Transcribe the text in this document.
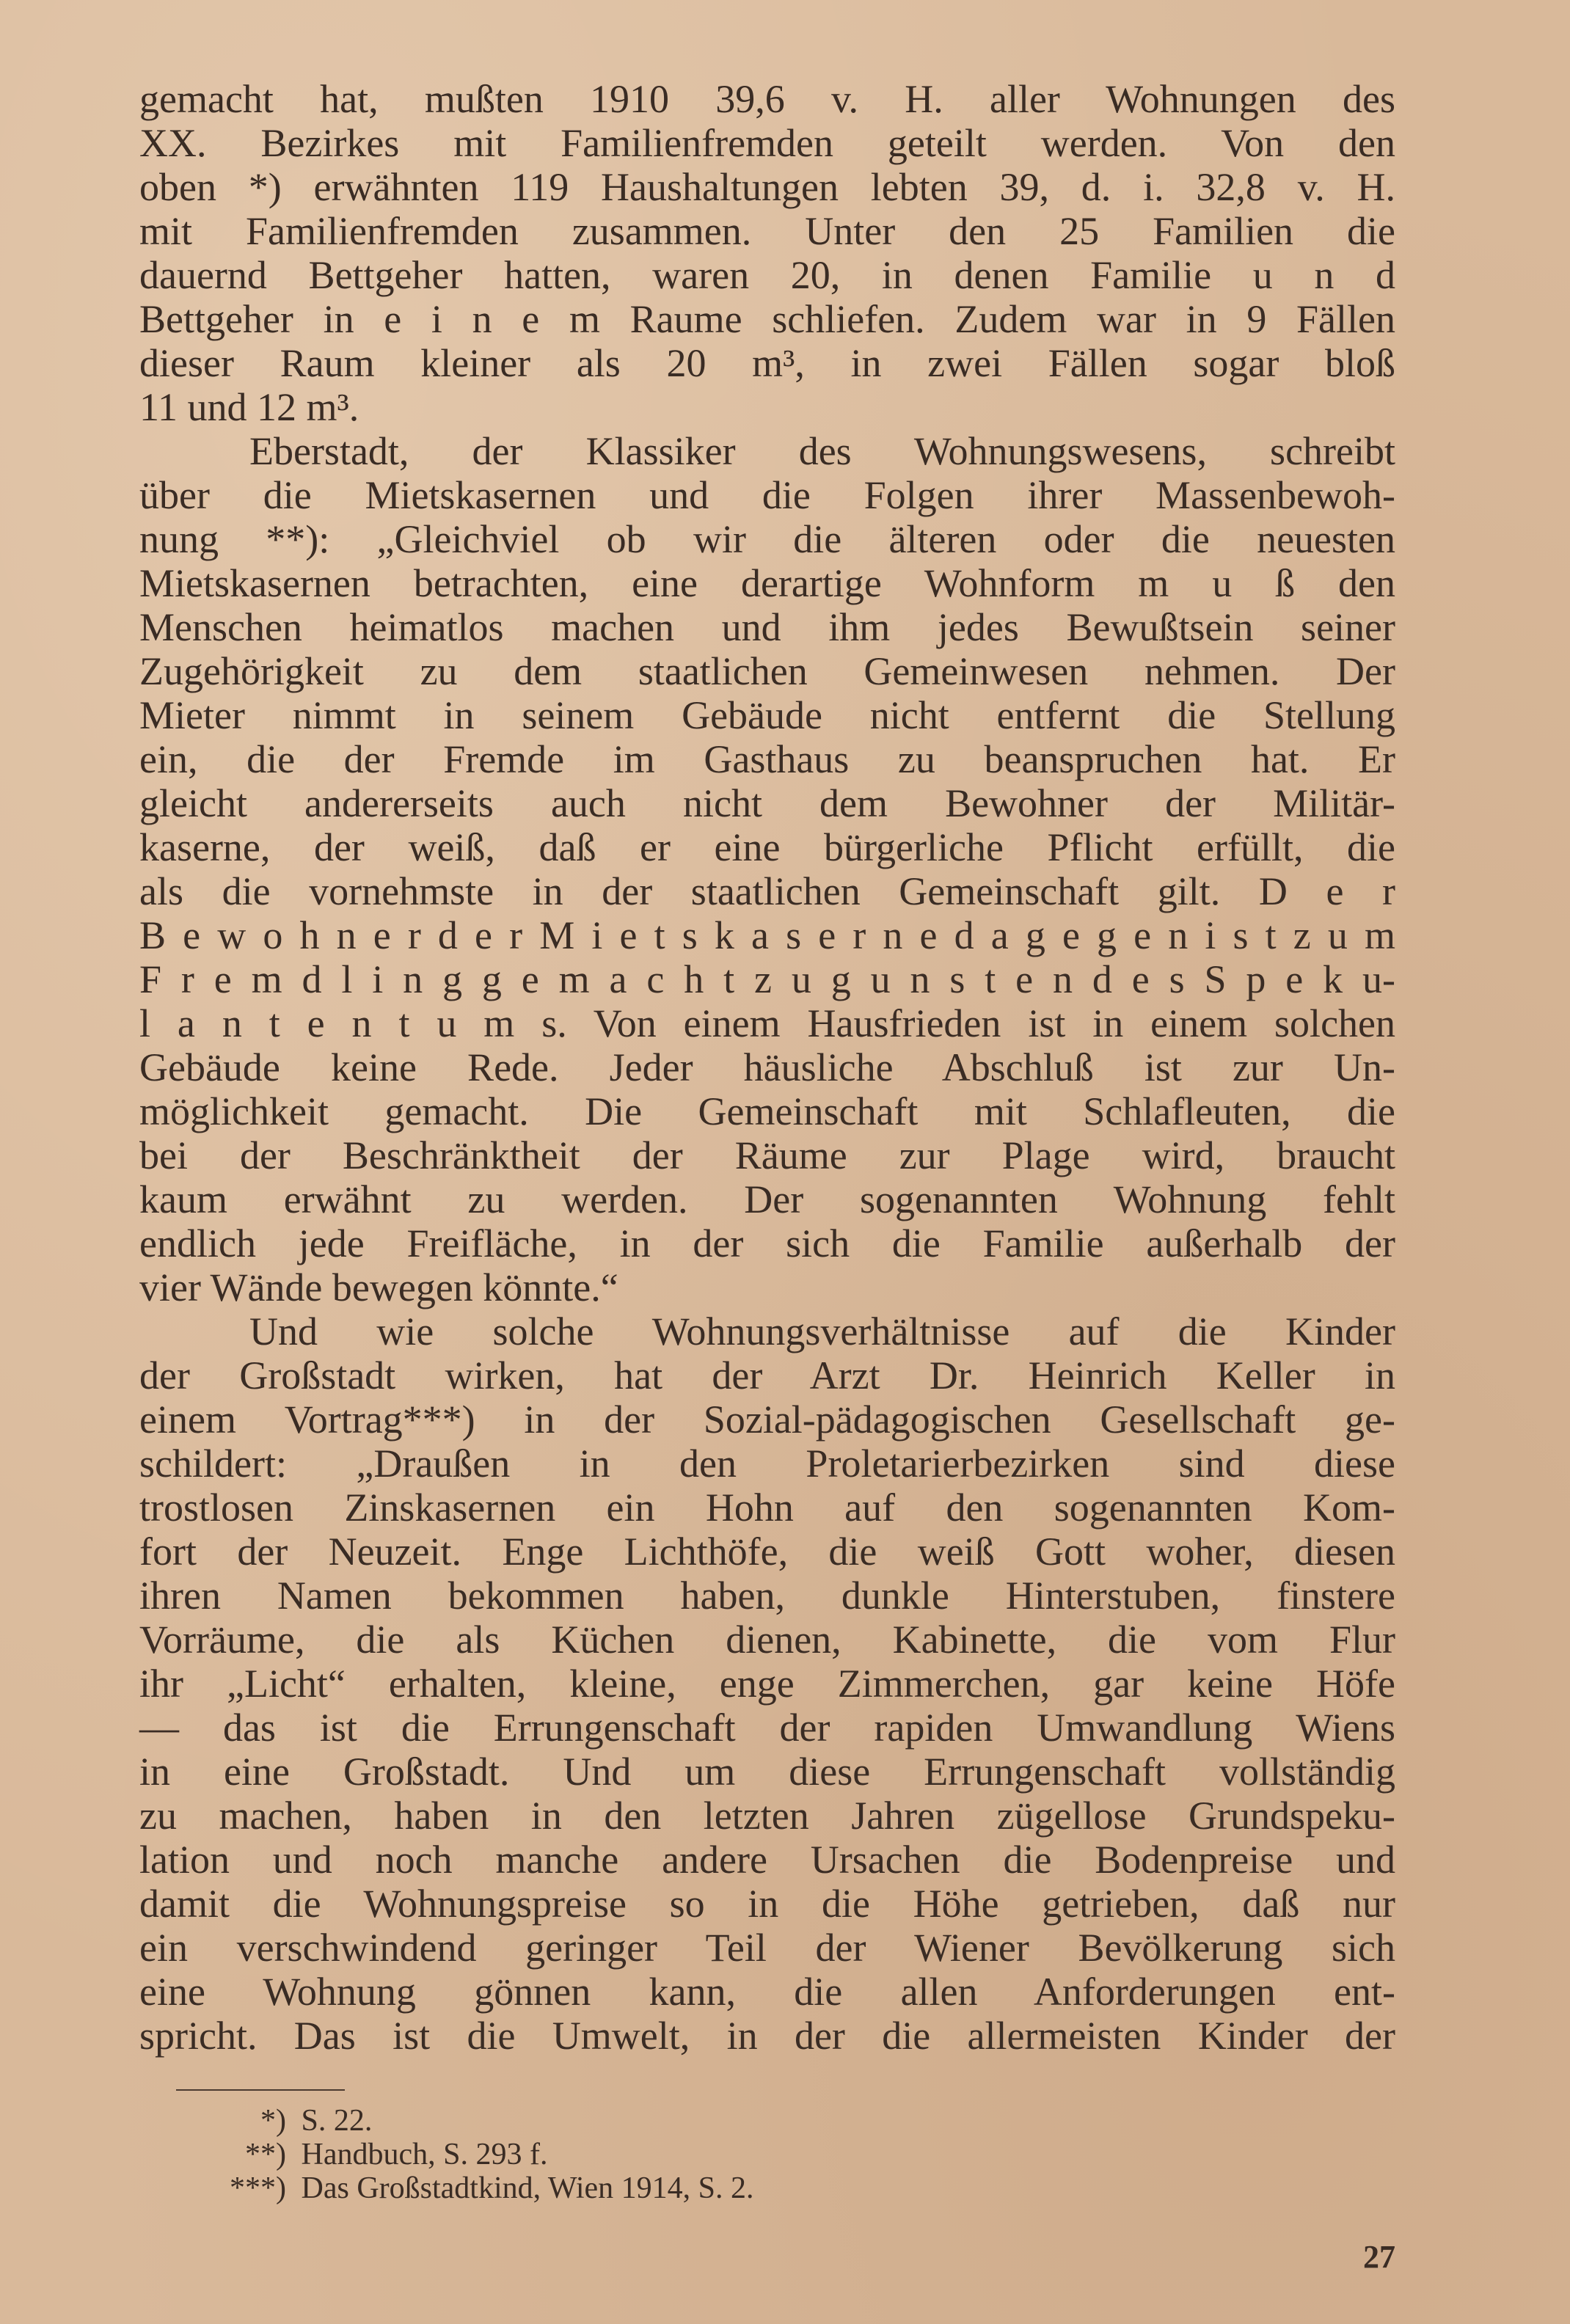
gemacht hat, mußten 1910 39,6 v. H. aller Wohnungen des
XX. Bezirkes mit Familienfremden geteilt werden. Von den
oben *) erwähnten 119 Haushaltungen lebten 39, d. i. 32,8 v. H.
mit Familienfremden zusammen. Unter den 25 Familien die
dauernd Bettgeher hatten, waren 20, in denen Familie u n d
Bettgeher in e i n e m Raume schliefen. Zudem war in 9 Fällen
dieser Raum kleiner als 20 m³, in zwei Fällen sogar bloß
11 und 12 m³.
Eberstadt, der Klassiker des Wohnungswesens, schreibt
über die Mietskasernen und die Folgen ihrer Massenbewoh-
nung **): „Gleichviel ob wir die älteren oder die neuesten
Mietskasernen betrachten, eine derartige Wohnform m u ß den
Menschen heimatlos machen und ihm jedes Bewußtsein seiner
Zugehörigkeit zu dem staatlichen Gemeinwesen nehmen. Der
Mieter nimmt in seinem Gebäude nicht entfernt die Stellung
ein, die der Fremde im Gasthaus zu beanspruchen hat. Er
gleicht andererseits auch nicht dem Bewohner der Militär-
kaserne, der weiß, daß er eine bürgerliche Pflicht erfüllt, die
als die vornehmste in der staatlichen Gemeinschaft gilt. D e r
B e w o h n e r d e r M i e t s k a s e r n e d a g e g e n i s t z u m
F r e m d l i n g g e m a c h t z u g u n s t e n d e s S p e k u-
l a n t e n t u m s. Von einem Hausfrieden ist in einem solchen
Gebäude keine Rede. Jeder häusliche Abschluß ist zur Un-
möglichkeit gemacht. Die Gemeinschaft mit Schlafleuten, die
bei der Beschränktheit der Räume zur Plage wird, braucht
kaum erwähnt zu werden. Der sogenannten Wohnung fehlt
endlich jede Freifläche, in der sich die Familie außerhalb der
vier Wände bewegen könnte.“
Und wie solche Wohnungsverhältnisse auf die Kinder
der Großstadt wirken, hat der Arzt Dr. Heinrich Keller in
einem Vortrag***) in der Sozial-pädagogischen Gesellschaft ge-
schildert: „Draußen in den Proletarierbezirken sind diese
trostlosen Zinskasernen ein Hohn auf den sogenannten Kom-
fort der Neuzeit. Enge Lichthöfe, die weiß Gott woher, diesen
ihren Namen bekommen haben, dunkle Hinterstuben, finstere
Vorräume, die als Küchen dienen, Kabinette, die vom Flur
ihr „Licht“ erhalten, kleine, enge Zimmerchen, gar keine Höfe
— das ist die Errungenschaft der rapiden Umwandlung Wiens
in eine Großstadt. Und um diese Errungenschaft vollständig
zu machen, haben in den letzten Jahren zügellose Grundspeku-
lation und noch manche andere Ursachen die Bodenpreise und
damit die Wohnungspreise so in die Höhe getrieben, daß nur
ein verschwindend geringer Teil der Wiener Bevölkerung sich
eine Wohnung gönnen kann, die allen Anforderungen ent-
spricht. Das ist die Umwelt, in der die allermeisten Kinder der
*) S. 22.
**) Handbuch, S. 293 f.
***) Das Großstadtkind, Wien 1914, S. 2.
27
